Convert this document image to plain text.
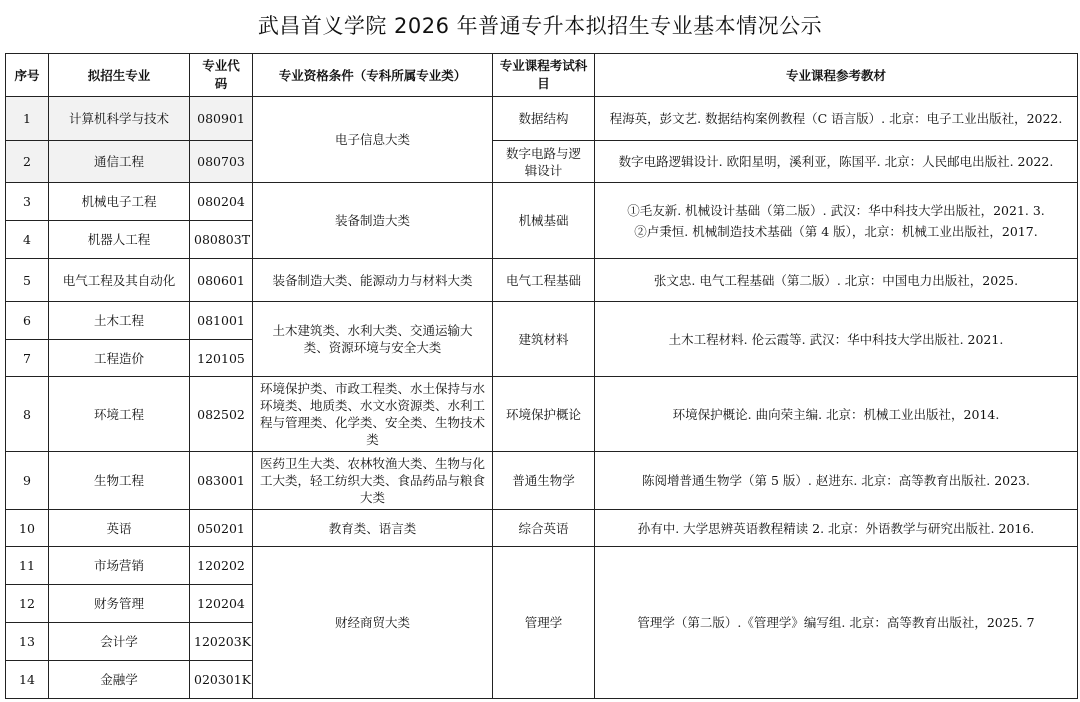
武昌首义学院 2026 年普通专升本拟招生专业基本情况公示
序号	拟招生专业	专业代码	专业资格条件（专科所属专业类）	专业课程考试科目	专业课程参考教材
1	计算机科学与技术	080901	电子信息大类	数据结构	程海英，彭文艺. 数据结构案例教程（C 语言版）. 北京：电子工业出版社，2022.
2	通信工程	080703		数字电路与逻辑设计	数字电路逻辑设计. 欧阳星明，溪利亚，陈国平. 北京：人民邮电出版社. 2022.
3	机械电子工程	080204	装备制造大类	机械基础	①毛友新. 机械设计基础（第二版）. 武汉：华中科技大学出版社，2021. 3.
②卢秉恒. 机械制造技术基础（第 4 版），北京：机械工业出版社，2017.

4	机器人工程	080803T			
5	电气工程及其自动化	080601	装备制造大类、能源动力与材料大类	电气工程基础	张文忠. 电气工程基础（第二版）. 北京：中国电力出版社，2025.
6	土木工程	081001	土木建筑类、水利大类、交通运输大类、资源环境与安全大类	建筑材料	土木工程材料. 伦云霞等. 武汉：华中科技大学出版社. 2021.
7	工程造价	120105			
8	环境工程	082502	环境保护类、市政工程类、水土保持与水环境类、地质类、水文水资源类、水利工程与管理类、化学类、安全类、生物技术类	环境保护概论	环境保护概论. 曲向荣主编. 北京：机械工业出版社，2014.
9	生物工程	083001	医药卫生大类、农林牧渔大类、生物与化工大类，轻工纺织大类、食品药品与粮食大类	普通生物学	陈阅增普通生物学（第 5 版）. 赵进东. 北京：高等教育出版社. 2023.
10	英语	050201	教育类、语言类	综合英语	孙有中. 大学思辨英语教程精读 2. 北京：外语教学与研究出版社. 2016.
11	市场营销	120202	财经商贸大类	管理学	管理学（第二版）.《管理学》编写组. 北京：高等教育出版社，2025. 7
12	财务管理	120204			
13	会计学	120203K			
14	金融学	020301K			
